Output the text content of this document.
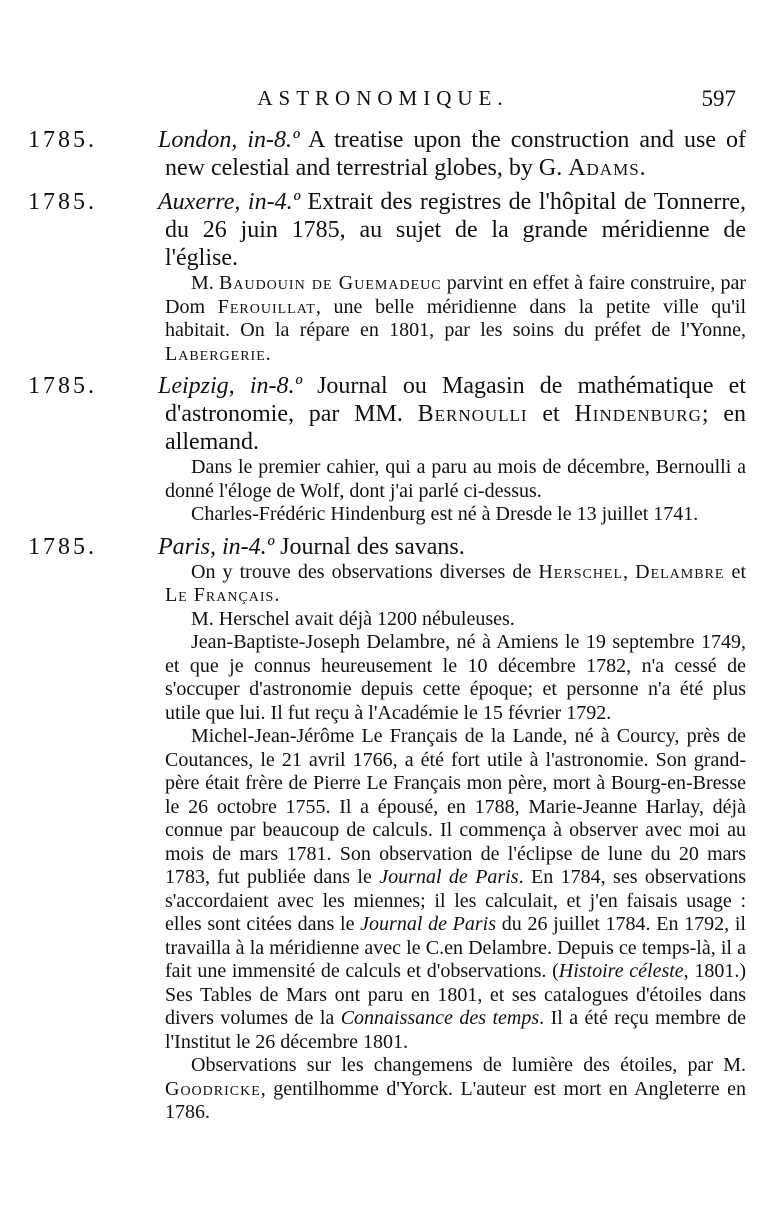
ASTRONOMIQUE.	597
1785.	London, in-8.º A treatise upon the construction and use of new celestial and terrestrial globes, by G. Adams.
1785.	Auxerre, in-4.º Extrait des registres de l'hôpital de Tonnerre, du 26 juin 1785, au sujet de la grande méridienne de l'église.
M. Baudouin de Guemadeuc parvint en effet à faire construire, par Dom Ferouillat, une belle méridienne dans la petite ville qu'il habitait. On la répare en 1801, par les soins du préfet de l'Yonne, Labergerie.
1785.	Leipzig, in-8.º Journal ou Magasin de mathématique et d'astronomie, par MM. Bernoulli et Hindenburg; en allemand.
Dans le premier cahier, qui a paru au mois de décembre, Bernoulli a donné l'éloge de Wolf, dont j'ai parlé ci-dessus.
Charles-Frédéric Hindenburg est né à Dresde le 13 juillet 1741.
1785.	Paris, in-4.º Journal des savans.
On y trouve des observations diverses de Herschel, Delambre et Le Français.
M. Herschel avait déjà 1200 nébuleuses.
Jean-Baptiste-Joseph Delambre, né à Amiens le 19 septembre 1749, et que je connus heureusement le 10 décembre 1782, n'a cessé de s'occuper d'astronomie depuis cette époque; et personne n'a été plus utile que lui. Il fut reçu à l'Académie le 15 février 1792.
Michel-Jean-Jérôme Le Français de la Lande, né à Courcy, près de Coutances, le 21 avril 1766, a été fort utile à l'astronomie. Son grand-père était frère de Pierre Le Français mon père, mort à Bourg-en-Bresse le 26 octobre 1755. Il a épousé, en 1788, Marie-Jeanne Harlay, déjà connue par beaucoup de calculs. Il commença à observer avec moi au mois de mars 1781. Son observation de l'éclipse de lune du 20 mars 1783, fut publiée dans le Journal de Paris. En 1784, ses observations s'accordaient avec les miennes; il les calculait, et j'en faisais usage : elles sont citées dans le Journal de Paris du 26 juillet 1784. En 1792, il travailla à la méridienne avec le C.en Delambre. Depuis ce temps-là, il a fait une immensité de calculs et d'observations. (Histoire céleste, 1801.) Ses Tables de Mars ont paru en 1801, et ses catalogues d'étoiles dans divers volumes de la Connaissance des temps. Il a été reçu membre de l'Institut le 26 décembre 1801.
Observations sur les changemens de lumière des étoiles, par M. Goodricke, gentilhomme d'Yorck. L'auteur est mort en Angleterre en 1786.
